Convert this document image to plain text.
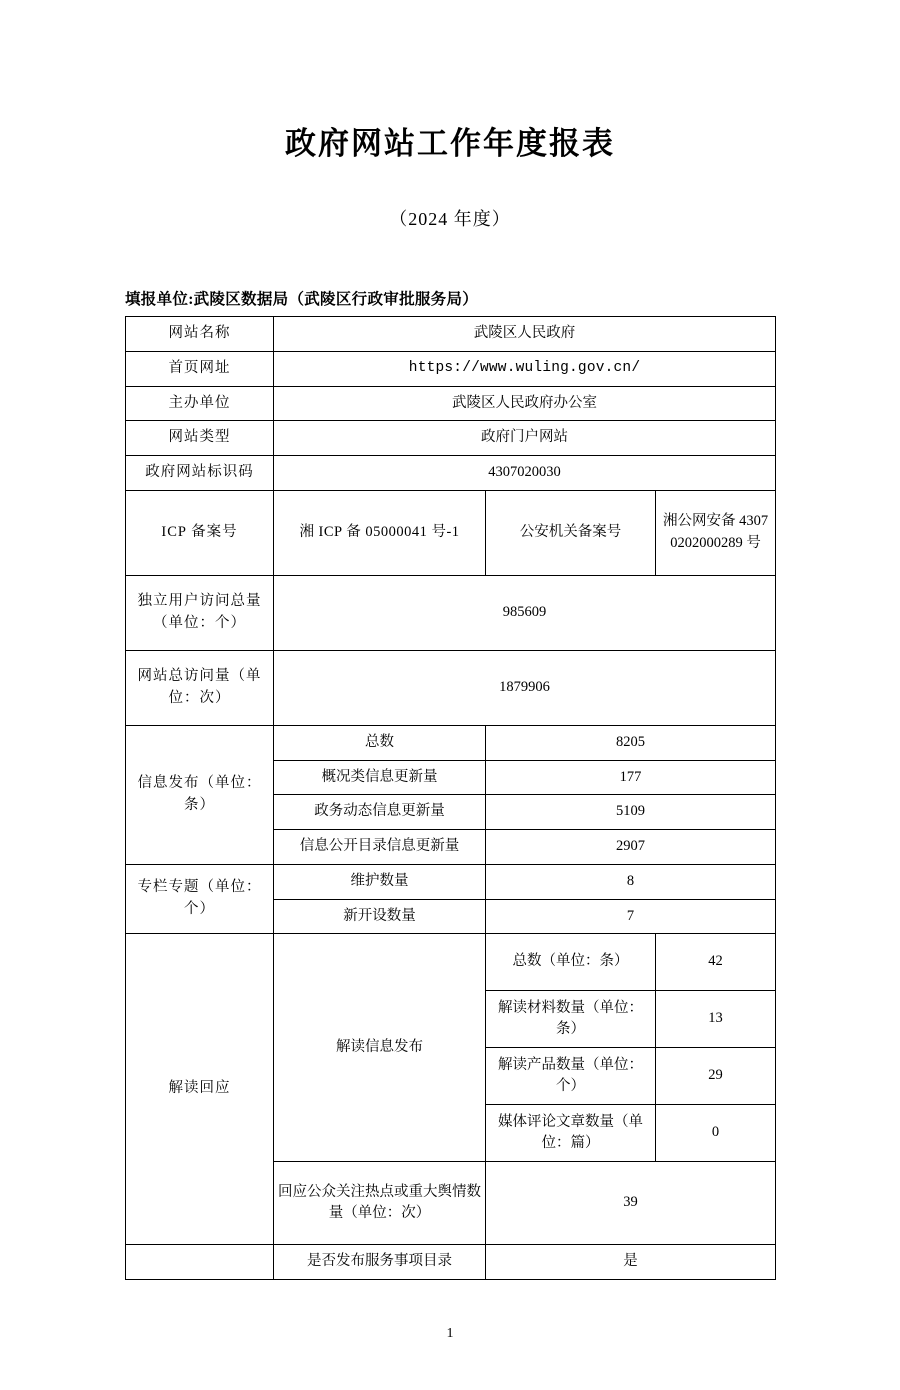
政府网站工作年度报表
（2024 年度）
填报单位:武陵区数据局（武陵区行政审批服务局）
网站名称	武陵区人民政府		
首页网址	https://www.wuling.gov.cn/		
主办单位	武陵区人民政府办公室		
网站类型	政府门户网站		
政府网站标识码	4307020030		
ICP 备案号	湘 ICP 备 05000041 号-1	公安机关备案号	湘公网安备 43070202000289 号
独立用户访问总量（单位：个）	985609		
网站总访问量（单位：次）	1879906		
信息发布（单位：条）	总数	8205	
	概况类信息更新量	177	
	政务动态信息更新量	5109	
	信息公开目录信息更新量	2907	
专栏专题（单位：个）	维护数量	8	
	新开设数量	7	
解读回应	解读信息发布	总数（单位：条）	42
		解读材料数量（单位：条）	13
		解读产品数量（单位：个）	29
		媒体评论文章数量（单位：篇）	0
	回应公众关注热点或重大舆情数量（单位：次）	39	
	是否发布服务事项目录	是	
1
